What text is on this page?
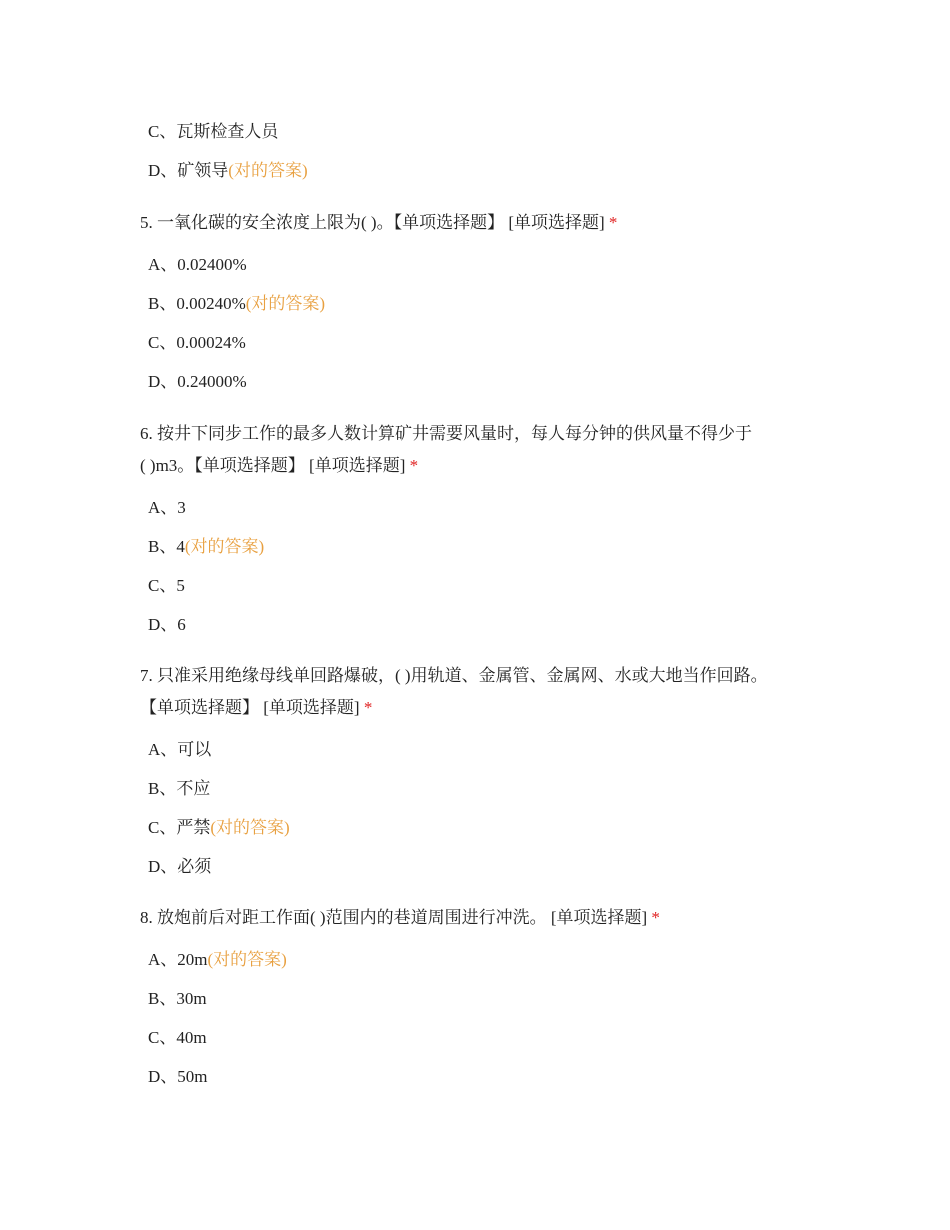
C、瓦斯检查人员
D、矿领导(对的答案)
5. 一氧化碳的安全浓度上限为( )。【单项选择题】 [单项选择题] *
A、0.02400%
B、0.00240%(对的答案)
C、0.00024%
D、0.24000%
6. 按井下同步工作的最多人数计算矿井需要风量时，每人每分钟的供风量不得少于
( )m3。【单项选择题】 [单项选择题] *
A、3
B、4(对的答案)
C、5
D、6
7. 只准采用绝缘母线单回路爆破，( )用轨道、金属管、金属网、水或大地当作回路。
【单项选择题】 [单项选择题] *
A、可以
B、不应
C、严禁(对的答案)
D、必须
8. 放炮前后对距工作面( )范围内的巷道周围进行冲洗。 [单项选择题] *
A、20m(对的答案)
B、30m
C、40m
D、50m
